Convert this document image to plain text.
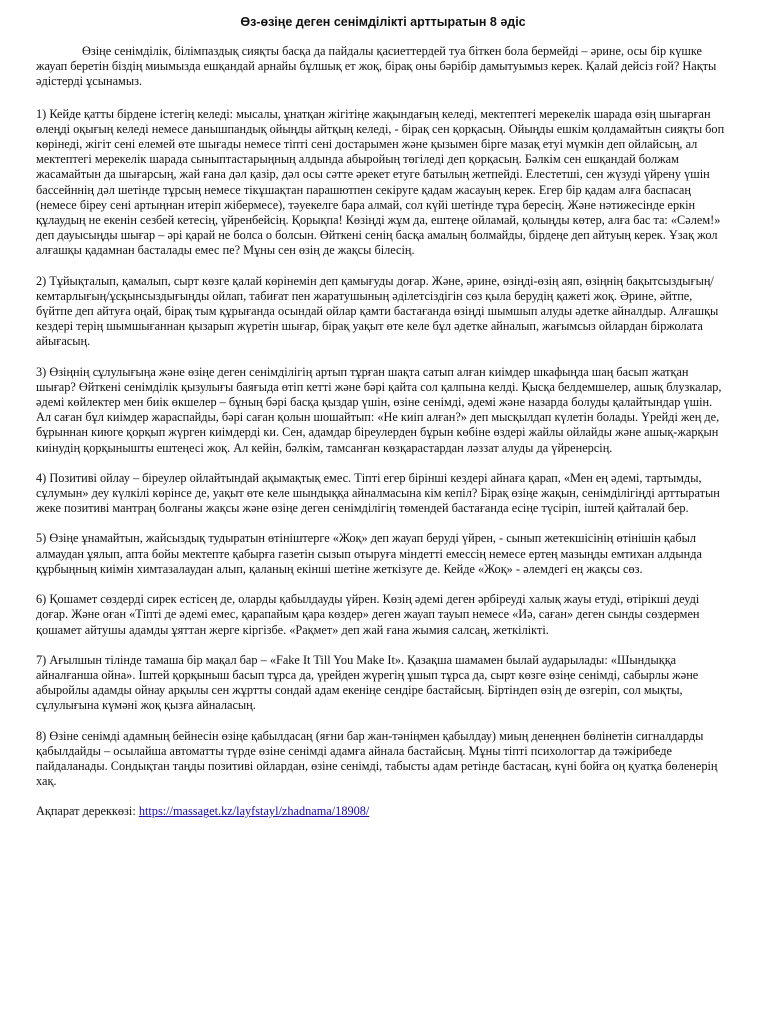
Өз-өзіңе деген сенімділікті арттыратын 8 әдіс

Өзіңе сенімділік, білімпаздық сияқты басқа да пайдалы қасиеттердей туа біткен бола бермейді – әрине, осы бір күшке жауап беретін біздің миымызда ешқандай арнайы бұлшық ет жоқ, бірақ оны бәрібір дамытуымыз керек. Қалай дейсіз ғой? Нақты әдістерді ұсынамыз.

1) Кейде қатты бірдене істегің келеді: мысалы, ұнатқан жігітіңе жақындағың келеді, мектептегі мерекелік шарада өзің шығарған өлеңді оқығың келеді немесе данышпандық ойыңды айтқың келеді, - бірақ сен қорқасың. Ойыңды ешкім қолдамайтын сияқты боп көрінеді, жігіт сені елемей өте шығады немесе тіпті сені достарымен және қызымен бірге мазақ етуі мүмкін деп ойлайсың, ал мектептегі мерекелік шарада сыныптастарыңның алдында абыройың төгіледі деп қорқасың. Бәлкім сен ешқандай болжам жасамайтын да шығарсың, жай ғана дәл қазір, дәл осы сәтте әрекет етуге батылың жетпейді. Елестетші, сен жүзуді үйрену үшін бассейннің дәл шетінде тұрсың немесе тікұшақтан парашютпен секіруге қадам жасауың керек. Егер бір қадам алға баспасаң (немесе біреу сені артыңнан итеріп жібермесе), тәуекелге бара алмай, сол күйі шетінде тұра бересің. Және нәтижесінде еркін құлаудың не екенін сезбей кетесің, үйренбейсің. Қорықпа! Көзіңді жұм да, ештеңе ойламай, қолыңды көтер, алға бас та: «Сәлем!» деп дауысыңды шығар – әрі қарай не болса о болсын. Өйткені сенің басқа амалың болмайды, бірдеңе деп айтуың керек. Ұзақ жол алғашқы қадамнан басталады емес пе? Мұны сен өзің де жақсы білесің.

2) Тұйықталып, қамалып, сырт көзге қалай көрінемін деп қамығуды доғар. Және, әрине, өзіңді-өзің аяп, өзіңнің бақытсыздығың/кемтарлығың/ұсқынсыздығыңды ойлап, табиғат пен жаратушының әділетсіздігін сөз қыла берудің қажеті жоқ. Әрине, әйтпе, бүйтпе деп айтуға оңай, бірақ тым құрығанда осындай ойлар қамти бастағанда өзіңді шымшып алуды әдетке айналдыр. Алғашқы кездері терің шымшығаннан қызарып жүретін шығар, бірақ уақыт өте келе бұл әдетке айналып, жағымсыз ойлардан біржолата айығасың.

3) Өзіңнің сұлулығыңа және өзіңе деген сенімділігің артып тұрған шақта сатып алған киімдер шкафыңда шаң басып жатқан шығар? Өйткені сенімділік қызулығы баяғыда өтіп кетті және бәрі қайта сол қалпына келді. Қысқа белдемшелер, ашық блузкалар, әдемі көйлектер мен биік өкшелер – бұның бәрі басқа қыздар үшін, өзіне сенімді, әдемі және назарда болуды қалайтындар үшін. Ал саған бұл киімдер жараспайды, бәрі саған қолын шошайтып: «Не киіп алған?» деп мысқылдап күлетін болады. Үрейді жең де, бұрыннан киюге қорқып жүрген киімдерді ки. Сен, адамдар біреулерден бұрын көбіне өздері жайлы ойлайды және ашық-жарқын киінудің қорқынышты ештеңесі жоқ. Ал кейін, бәлкім, тамсанған көзқарастардан ләззат алуды да үйренерсің.

4) Позитиві ойлау – біреулер ойлайтындай ақымақтық емес. Тіпті егер бірінші кездері айнаға қарап, «Мен ең әдемі, тартымды, сұлумын» деу күлкілі көрінсе де, уақыт өте келе шындыққа айналмасына кім кепіл? Бірақ өзіңе жақын, сенімділігіңді арттыратын жеке позитиві мантраң болғаны жақсы және өзіңе деген сенімділігің төмендей бастағанда есіңе түсіріп, іштей қайталай бер.

5) Өзіңе ұнамайтын, жайсыздық тудыратын өтініштерге «Жоқ» деп жауап беруді үйрен, - сынып жетекшісінің өтінішін қабыл алмаудан ұялып, апта бойы мектепте қабырға газетін сызып отыруға міндетті емессің немесе ертең мазыңды емтихан алдында құрбыңның киімін химтазалаудан алып, қаланың екінші шетіне жеткізуге де. Кейде «Жоқ» - әлемдегі ең жақсы сөз.

6) Қошамет сөздерді сирек естісең де, оларды қабылдауды үйрен. Көзің әдемі деген әрбіреуді халық жауы етуді, өтірікші деуді доғар. Және оған «Тіпті де әдемі емес, қарапайым қара көздер» деген жауап тауып немесе «Иә, саған» деген сынды сөздермен қошамет айтушы адамды ұяттан жерге кіргізбе. «Рақмет» деп жай ғана жымия салсаң, жеткілікті.

7) Ағылшын тілінде тамаша бір мақал бар – «Fake It Till You Make It». Қазақша шамамен былай аударылады: «Шындыққа айналғанша ойна». Іштей қорқыныш басып тұрса да, үрейден жүрегің ұшып тұрса да, сырт көзге өзіңе сенімді, сабырлы және абыройлы адамды ойнау арқылы сен жұртты сондай адам екеніңе сендіре бастайсың. Біртіндеп өзің де өзгеріп, сол мықты, сұлулығына күмәні жоқ қызға айналасың.

8) Өзіне сенімді адамның бейнесін өзіңе қабылдасаң (яғни бар жан-тәніңмен қабылдау) миың денеңнен бөлінетін сигналдарды қабылдайды – осылайша автоматты түрде өзіне сенімді адамға айнала бастайсың. Мұны тіпті психологтар да тәжірибеде пайдаланады. Сондықтан таңды позитиві ойлардан, өзіне сенімді, табысты адам ретінде бастасаң, күні бойға оң қуатқа бөленерің хақ.

Ақпарат дереккөзі: https://massaget.kz/layfstayl/zhadnama/18908/
